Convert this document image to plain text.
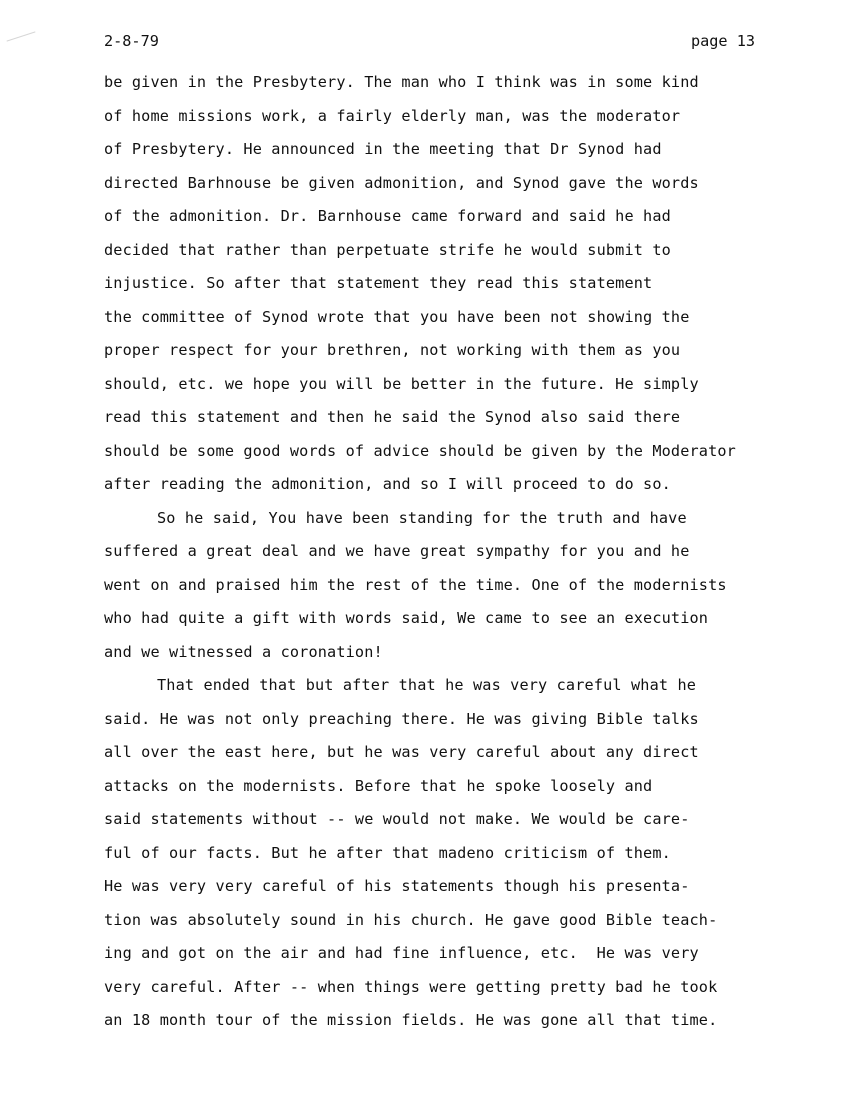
2-8-79	page 13
be given in the Presbytery. The man who I think was in some kind
of home missions work, a fairly elderly man, was the moderator
of Presbytery. He announced in the meeting that Dr Synod had
directed Barhnouse be given admonition, and Synod gave the words
of the admonition. Dr. Barnhouse came forward and said he had
decided that rather than perpetuate strife he would submit to
injustice. So after that statement they read this statement
the committee of Synod wrote that you have been not showing the
proper respect for your brethren, not working with them as you
should, etc. we hope you will be better in the future. He simply
read this statement and then he said the Synod also said there
should be some good words of advice should be given by the Moderator
after reading the admonition, and so I will proceed to do so.
So he said, You have been standing for the truth and have
suffered a great deal and we have great sympathy for you and he
went on and praised him the rest of the time. One of the modernists
who had quite a gift with words said, We came to see an execution
and we witnessed a coronation!
That ended that but after that he was very careful what he
said. He was not only preaching there. He was giving Bible talks
all over the east here, but he was very careful about any direct
attacks on the modernists. Before that he spoke loosely and
said statements without -- we would not make. We would be care-
ful of our facts. But he after that madeno criticism of them.
He was very very careful of his statements though his presenta-
tion was absolutely sound in his church. He gave good Bible teach-
ing and got on the air and had fine influence, etc.  He was very
very careful. After -- when things were getting pretty bad he took
an 18 month tour of the mission fields. He was gone all that time.
